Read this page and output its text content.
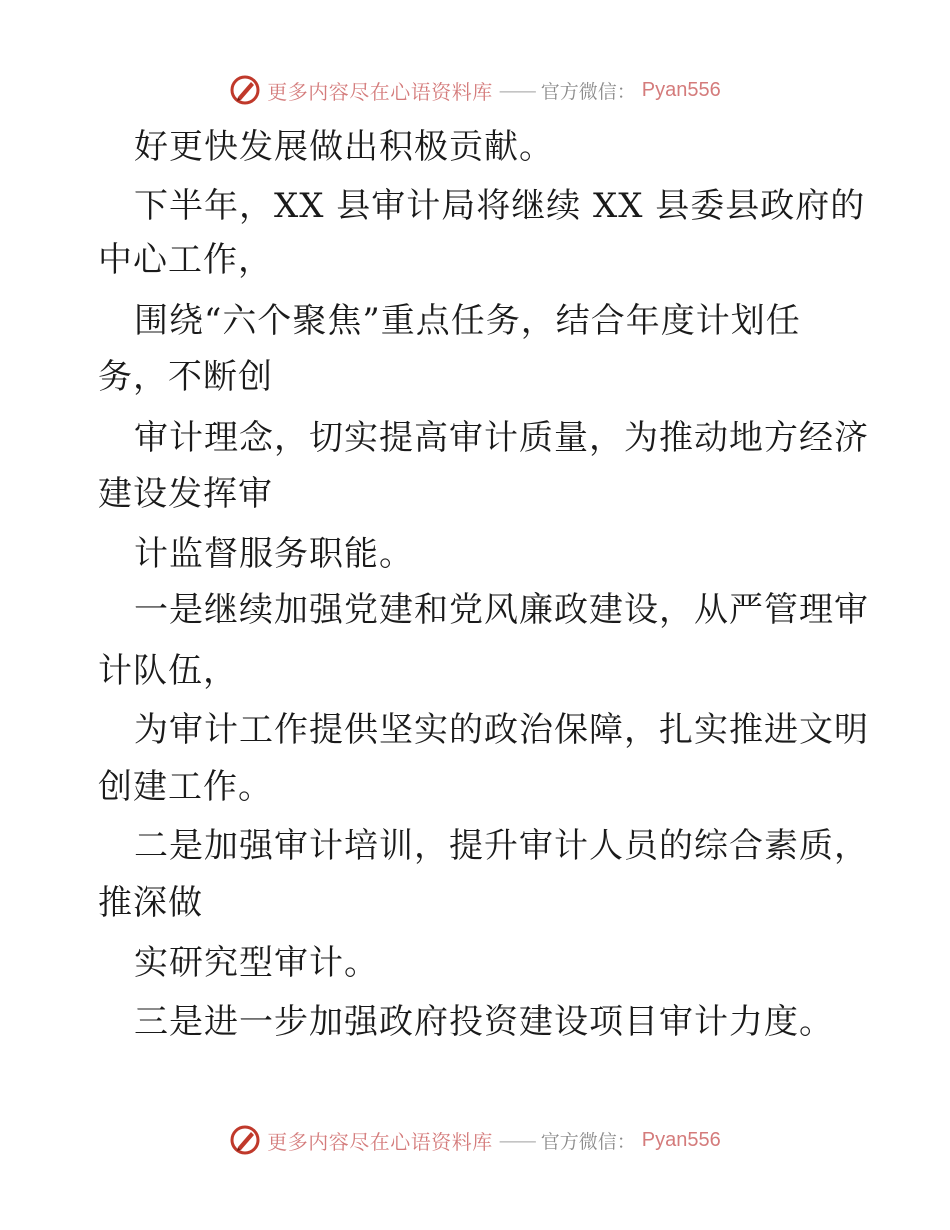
更多内容尽在心语资料库 —— 官方微信： Pyan556
好更快发展做出积极贡献。
下半年，XX 县审计局将继续 XX 县委县政府的
中心工作，
围绕“六个聚焦”重点任务，结合年度计划任
务，不断创
审计理念，切实提高审计质量，为推动地方经济
建设发挥审
计监督服务职能。
一是继续加强党建和党风廉政建设，从严管理审
计队伍，
为审计工作提供坚实的政治保障，扎实推进文明
创建工作。
二是加强审计培训，提升审计人员的综合素质，
推深做
实研究型审计。
三是进一步加强政府投资建设项目审计力度。
更多内容尽在心语资料库 —— 官方微信： Pyan556
